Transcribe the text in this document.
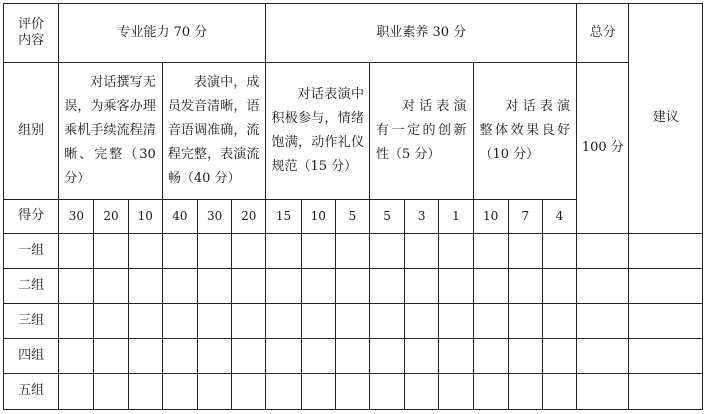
评价内容	专业能力 70 分						职业素养 30 分									总分	建议
组别	对话撰写无误，为乘客办理乘机手续流程清晰、完整（30 分）			表演中，成员发音清晰，语音语调准确，流程完整，表演流畅（40 分）			对话表演中积极参与，情绪饱满，动作礼仪规范（15 分）			对话表演有一定的创新性（5 分）			对话表演整体效果良好（10 分）			100 分	
得分	30	20	10	40	30	20	15	10	5	5	3	1	10	7	4		
一组																	
二组																	
三组																	
四组																	
五组																	
